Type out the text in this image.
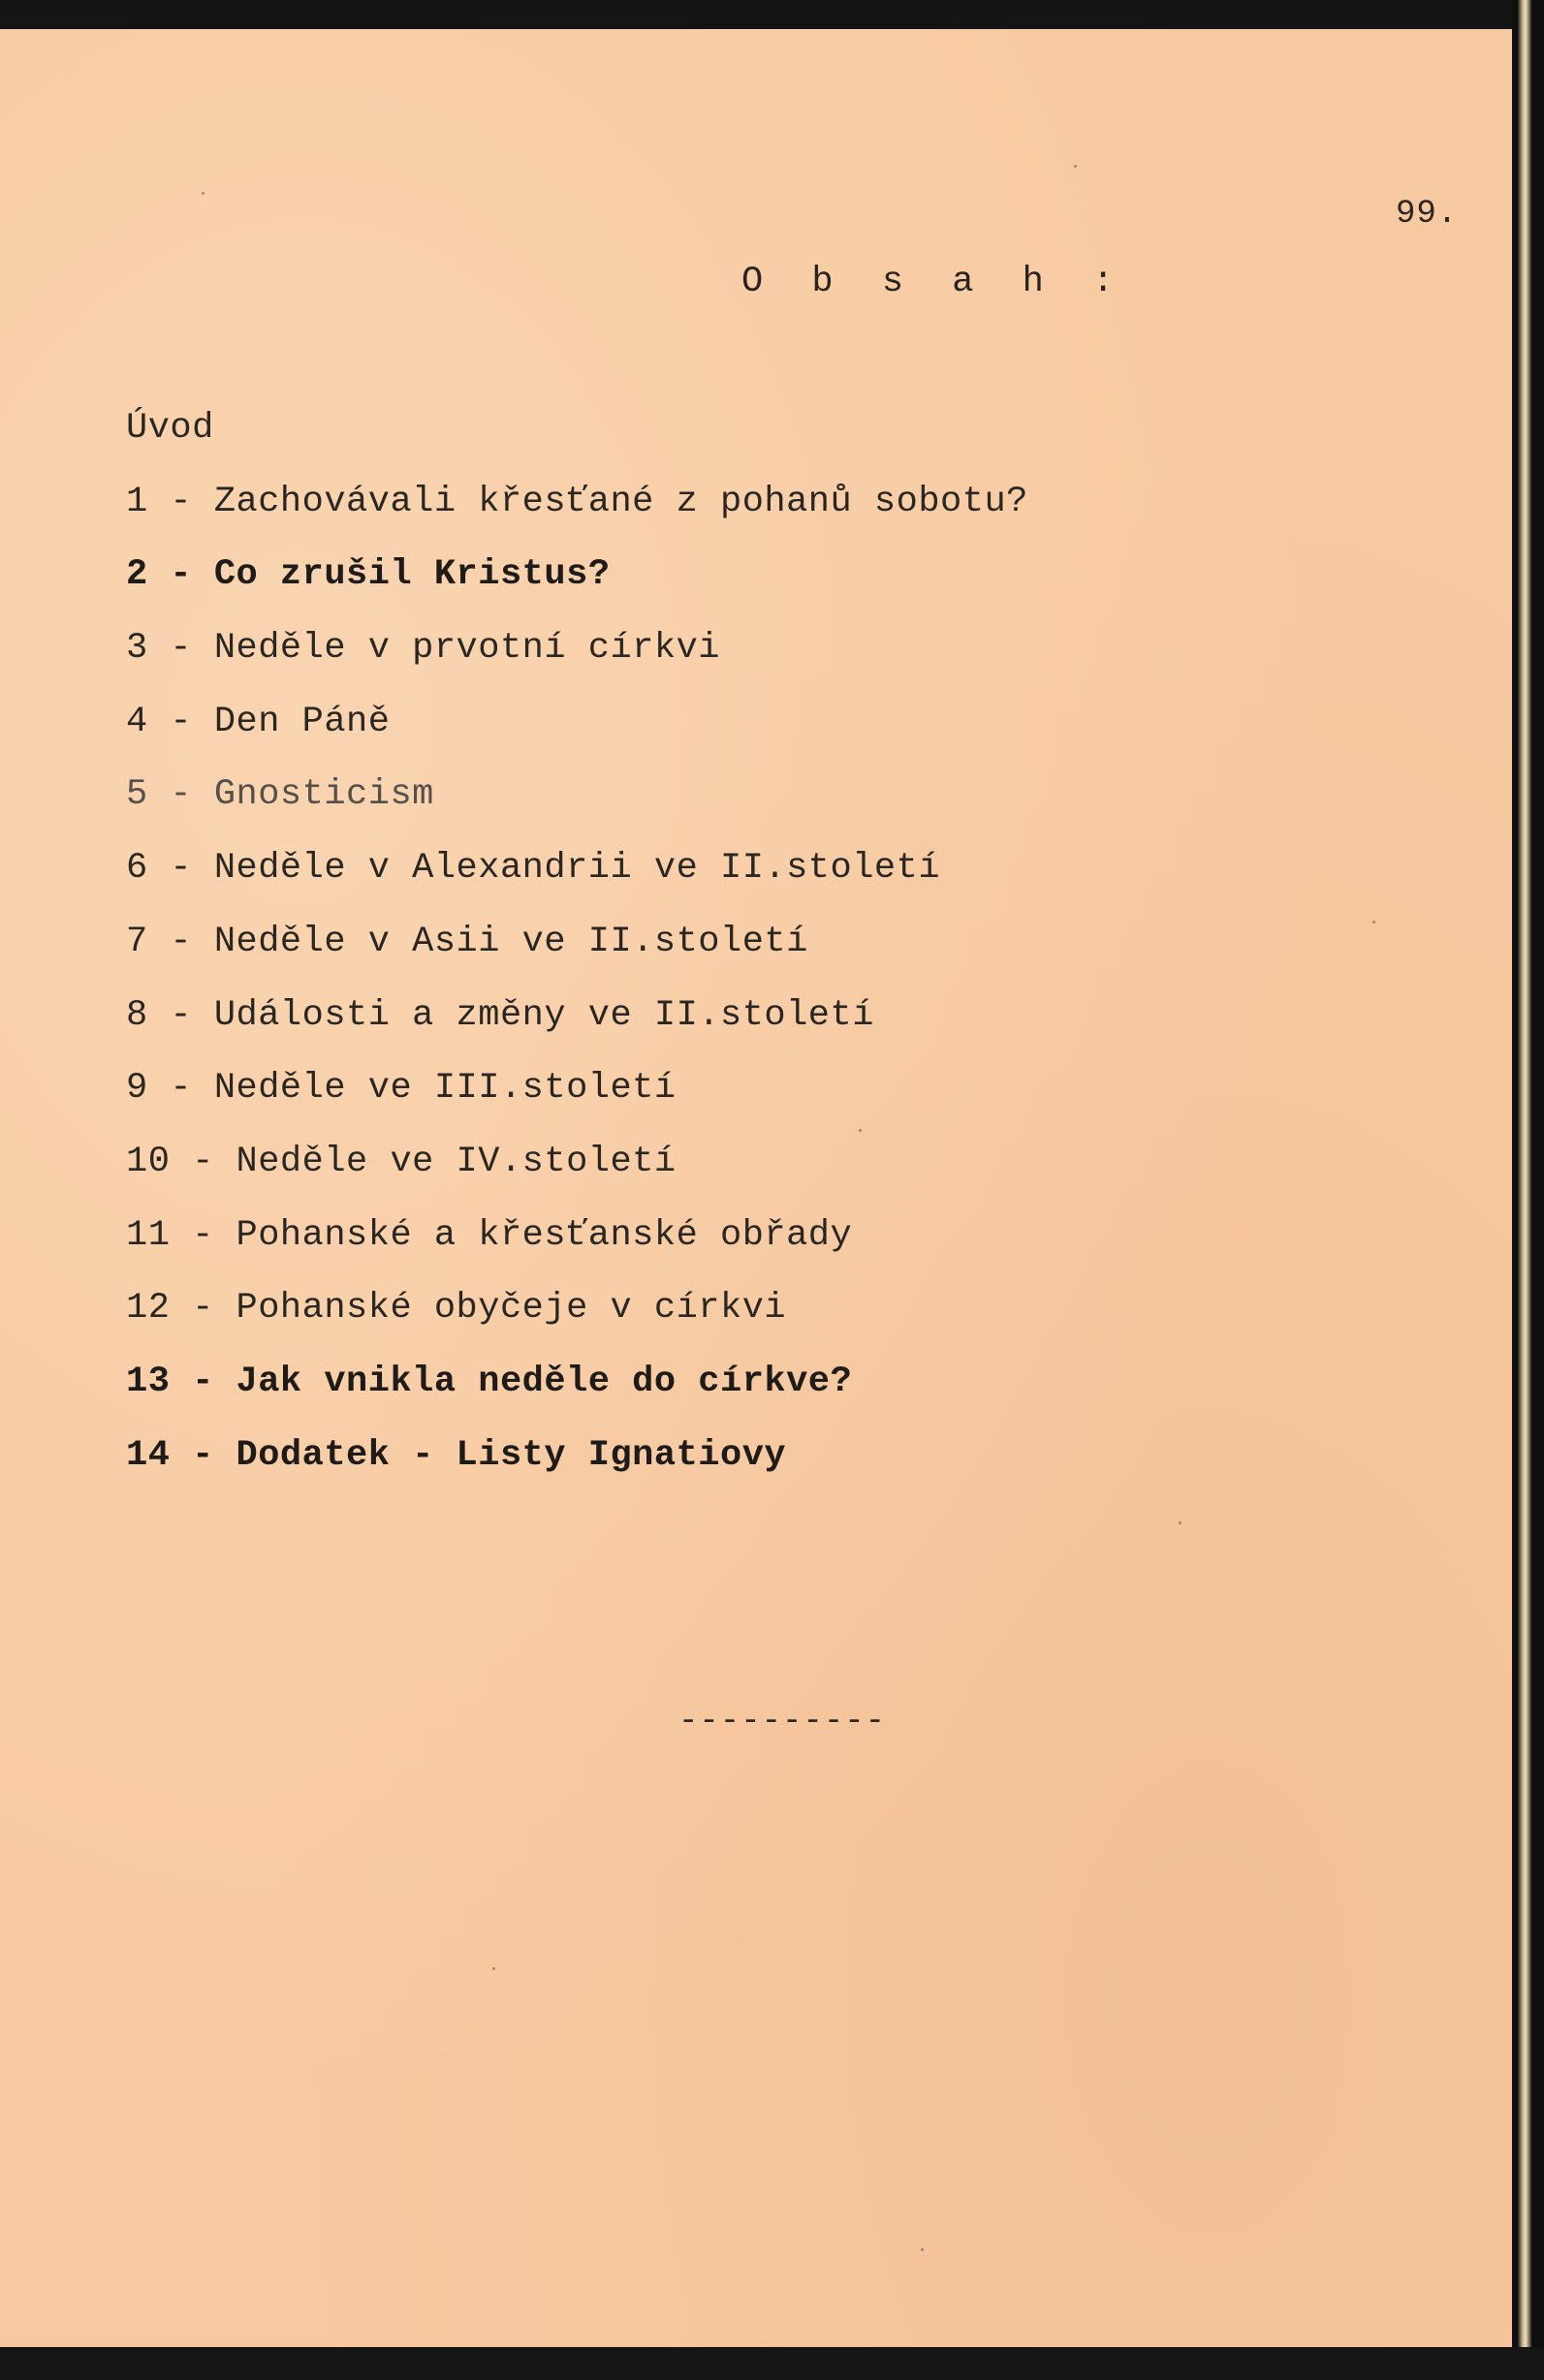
99.

O b s a h :
Úvod
1 - Zachovávali křesťané z pohanů sobotu?
2 - Co zrušil Kristus?
3 - Neděle v prvotní církvi
4 - Den Páně
5 - Gnosticism
6 - Neděle v Alexandrii ve II.století
7 - Neděle v Asii ve II.století
8 - Události a změny ve II.století
9 - Neděle ve III.století
10 - Neděle ve IV.století
11 - Pohanské a křesťanské obřady
12 - Pohanské obyčeje v církvi
13 - Jak vnikla neděle do církve?
14 - Dodatek - Listy Ignatiovy

----------
